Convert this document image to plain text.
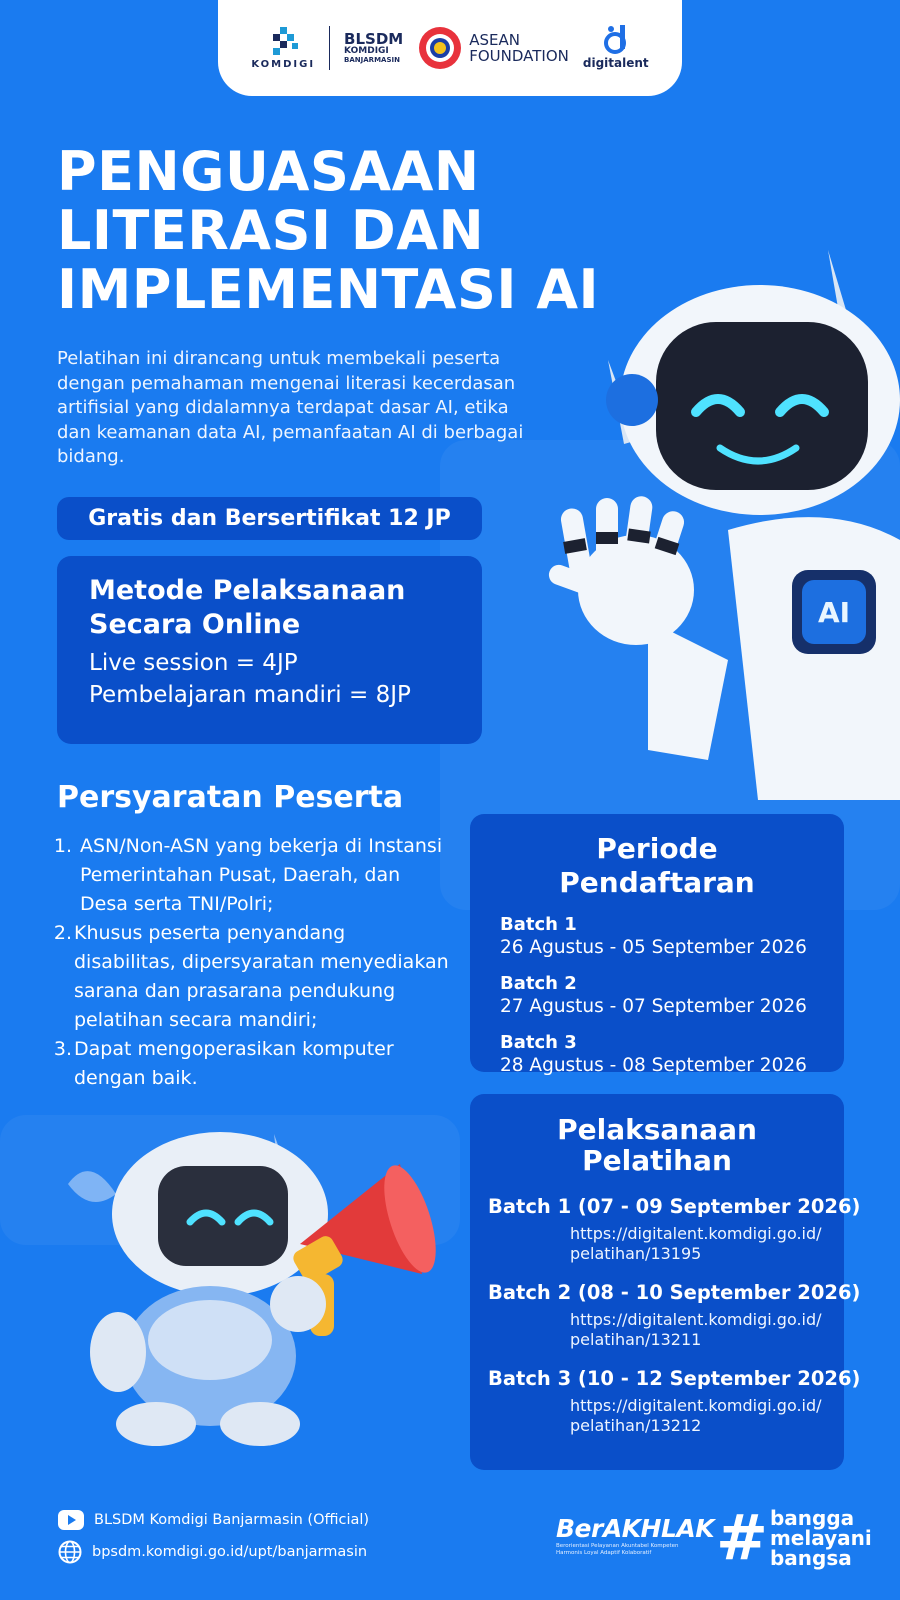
KOMDIGI
BLSDM
KOMDIGI
BANJARMASIN
ASEAN
FOUNDATION digitalent
PENGUASAAN
LITERASI DAN
IMPLEMENTASI AI
Pelatihan ini dirancang untuk membekali peserta dengan pemahaman mengenai literasi kecerdasan artifisial yang didalamnya terdapat dasar AI, etika dan keamanan data AI, pemanfaatan AI di berbagai bidang.
Gratis dan Bersertifikat 12 JP
Metode Pelaksanaan
Secara Online
Live session = 4JP
Pembelajaran mandiri = 8JP
Persyaratan Peserta
1. ASN/Non-ASN yang bekerja di Instansi Pemerintahan Pusat, Daerah, dan Desa serta TNI/Polri;
2. Khusus peserta penyandang disabilitas, dipersyaratan menyediakan sarana dan prasarana pendukung pelatihan secara mandiri;
3. Dapat mengoperasikan komputer dengan baik.
Periode Pendaftaran
Batch 1
26 Agustus - 05 September 2026
Batch 2
27 Agustus - 07 September 2026
Batch 3
28 Agustus - 08 September 2026
Pelaksanaan
Pelatihan
Batch 1 (07 - 09 September 2026)
https://digitalent.komdigi.go.id/
pelatihan/13195
Batch 2 (08 - 10 September 2026)
https://digitalent.komdigi.go.id/
pelatihan/13211
Batch 3 (10 - 12 September 2026)
https://digitalent.komdigi.go.id/
pelatihan/13212
AI
BLSDM Komdigi Banjarmasin (Official)
bpsdm.komdigi.go.id/upt/banjarmasin
BerAKHLAK
Berorientasi Pelayanan Akuntabel Kompeten Harmonis Loyal Adaptif Kolaboratif	# bangga
melayani
bangsa
